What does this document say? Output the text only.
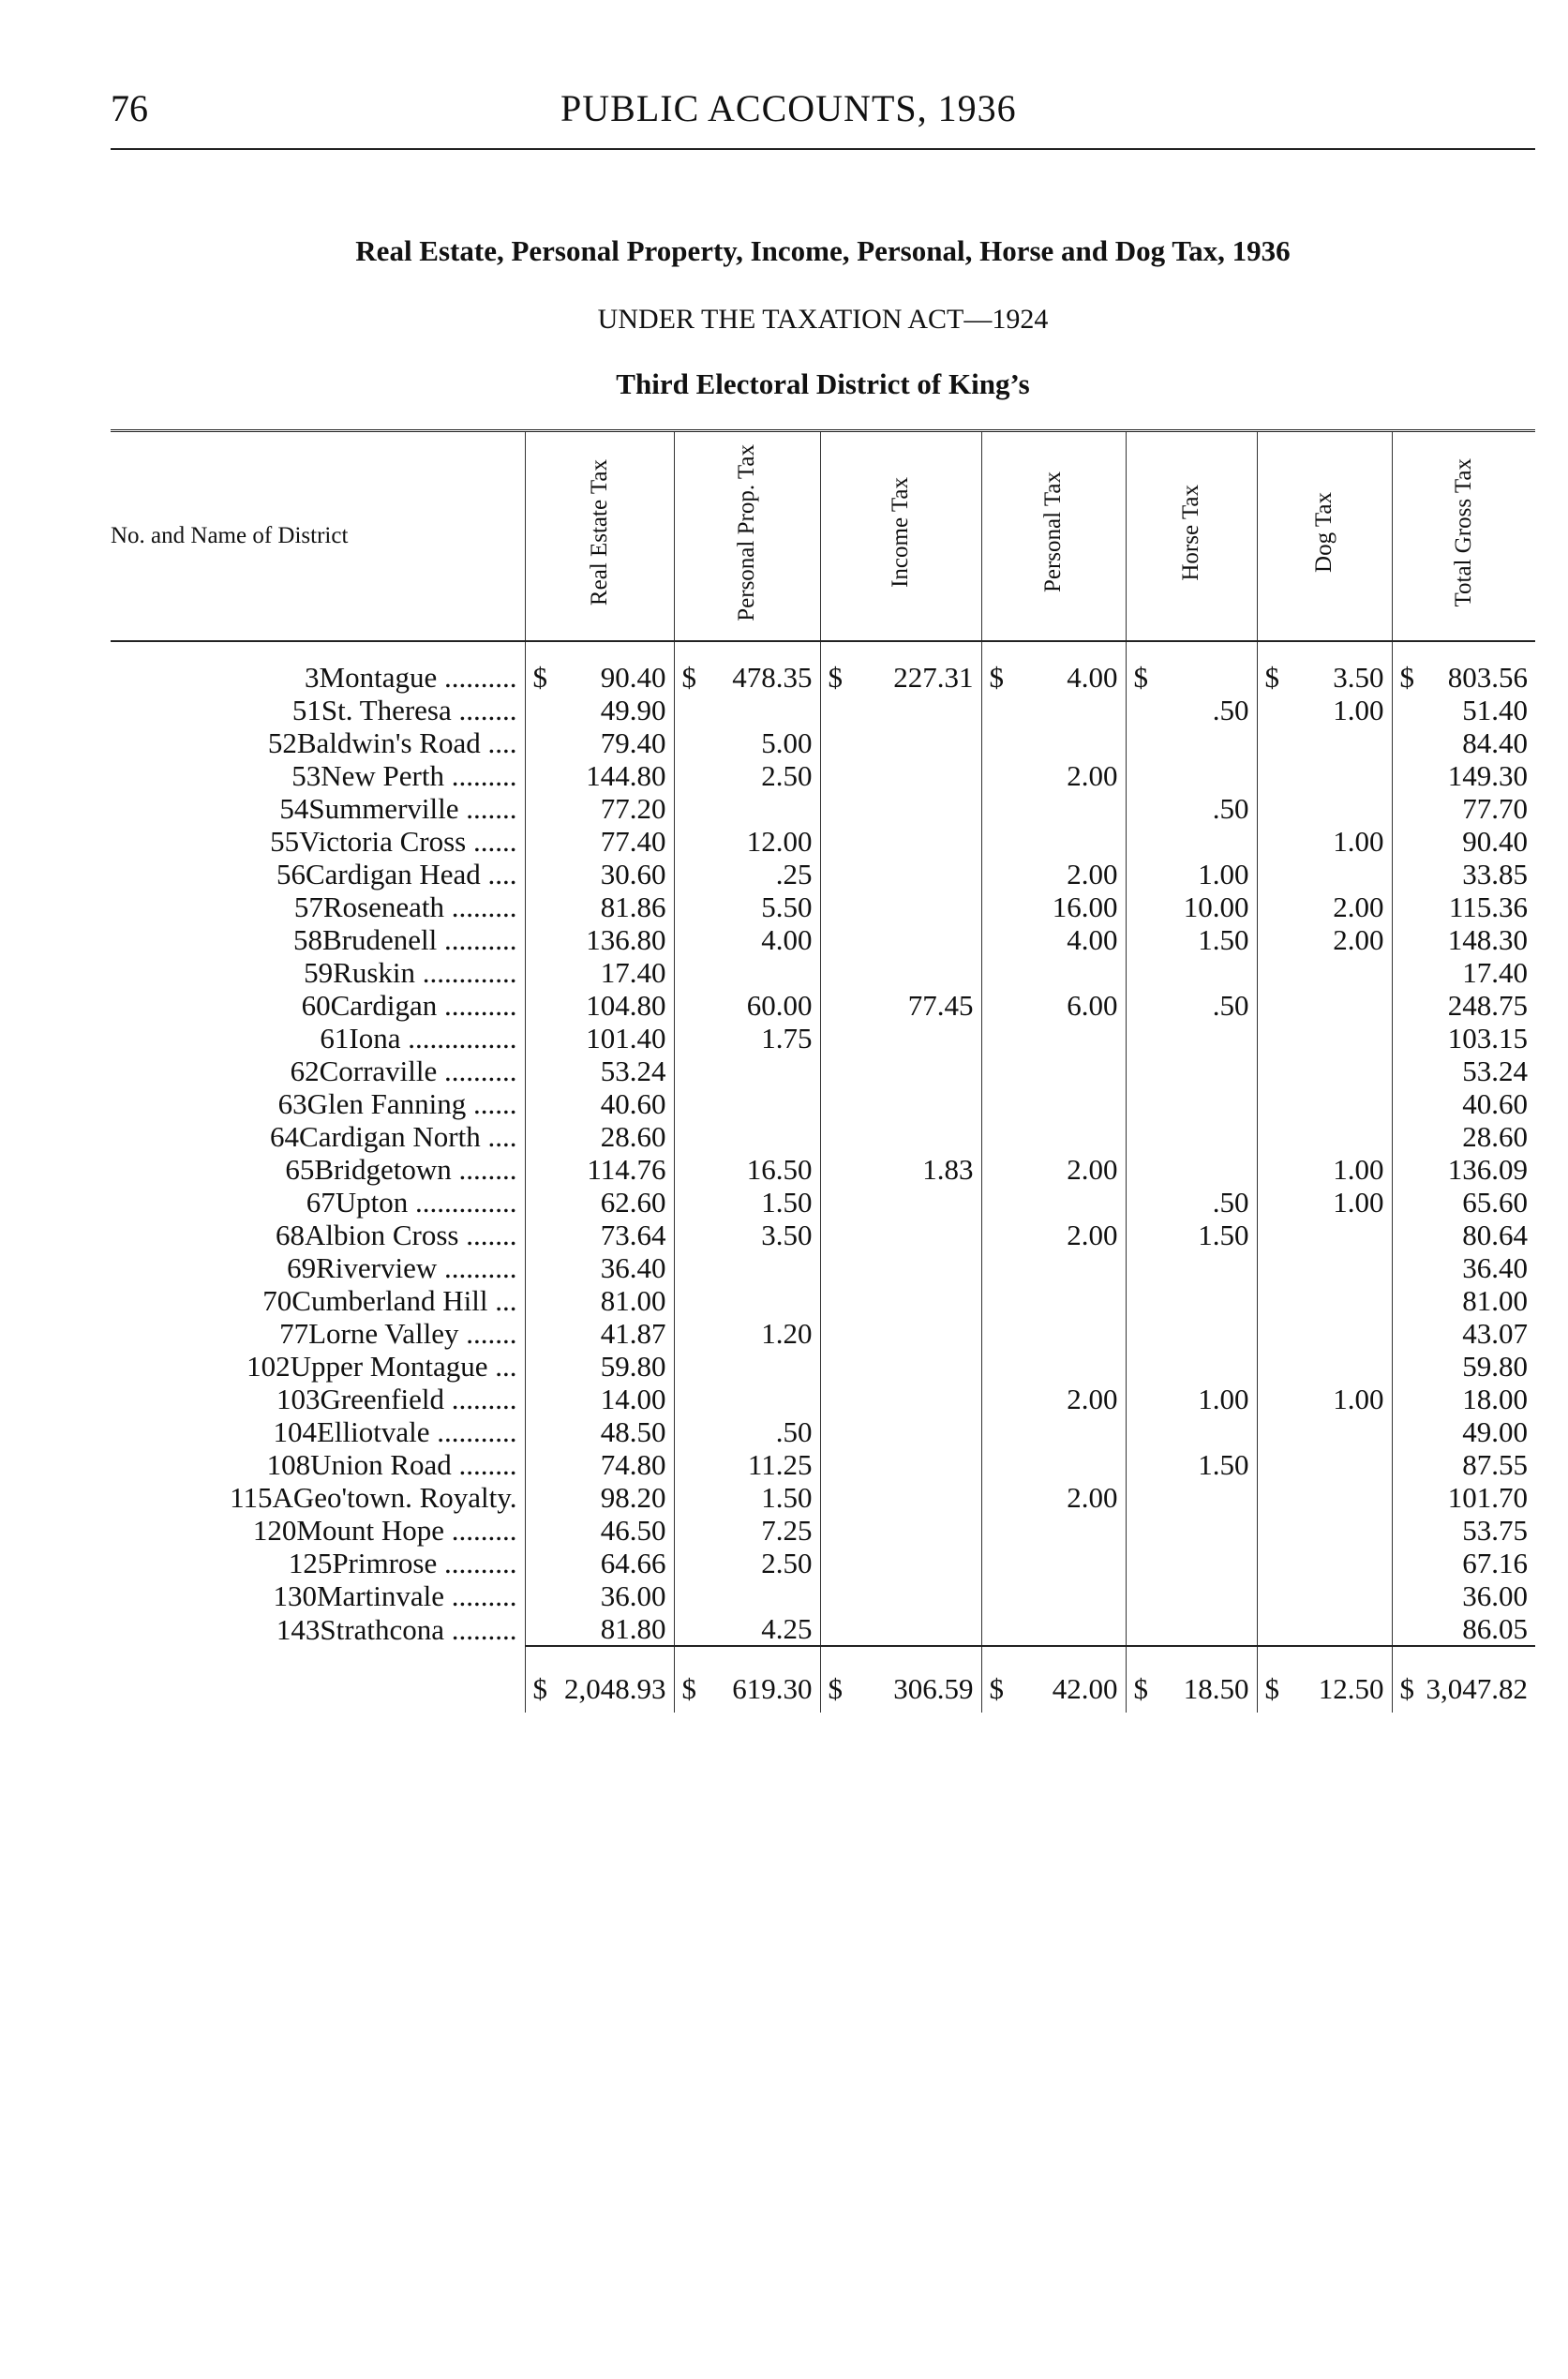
76	PUBLIC ACCOUNTS, 1936
Real Estate, Personal Property, Income, Personal, Horse and Dog Tax, 1936
UNDER THE TAXATION ACT—1924
Third Electoral District of King’s
No. and Name of District	Real Estate Tax	Personal Prop. Tax	Income Tax	Personal Tax	Horse Tax	Dog Tax	Total Gross Tax
3Montague ..........	$ 90.40	$ 478.35	$ 227.31	$ 4.00	$	$ 3.50	$ 803.56
51St. Theresa ........	49.90				.50	1.00	51.40
52Baldwin's Road ....	79.40	5.00					84.40
53New Perth .........	144.80	2.50		2.00			149.30
54Summerville .......	77.20				.50		77.70
55Victoria Cross ......	77.40	12.00				1.00	90.40
56Cardigan Head ....	30.60	.25		2.00	1.00		33.85
57Roseneath .........	81.86	5.50		16.00	10.00	2.00	115.36
58Brudenell ..........	136.80	4.00		4.00	1.50	2.00	148.30
59Ruskin .............	17.40						17.40
60Cardigan ..........	104.80	60.00	77.45	6.00	.50		248.75
61Iona ...............	101.40	1.75					103.15
62Corraville ..........	53.24						53.24
63Glen Fanning ......	40.60						40.60
64Cardigan North ....	28.60						28.60
65Bridgetown ........	114.76	16.50	1.83	2.00		1.00	136.09
67Upton ..............	62.60	1.50			.50	1.00	65.60
68Albion Cross .......	73.64	3.50		2.00	1.50		80.64
69Riverview ..........	36.40						36.40
70Cumberland Hill ...	81.00						81.00
77Lorne Valley .......	41.87	1.20					43.07
102Upper Montague ...	59.80						59.80
103Greenfield .........	14.00			2.00	1.00	1.00	18.00
104Elliotvale ...........	48.50	.50					49.00
108Union Road ........	74.80	11.25			1.50		87.55
115AGeo'town. Royalty.	98.20	1.50		2.00			101.70
120Mount Hope .........	46.50	7.25					53.75
125Primrose ..........	64.66	2.50					67.16
130Martinvale .........	36.00						36.00
143Strathcona .........	81.80	4.25					86.05

	$ 2,048.93	$ 619.30	$ 306.59	$ 42.00	$ 18.50	$ 12.50	$ 3,047.82
